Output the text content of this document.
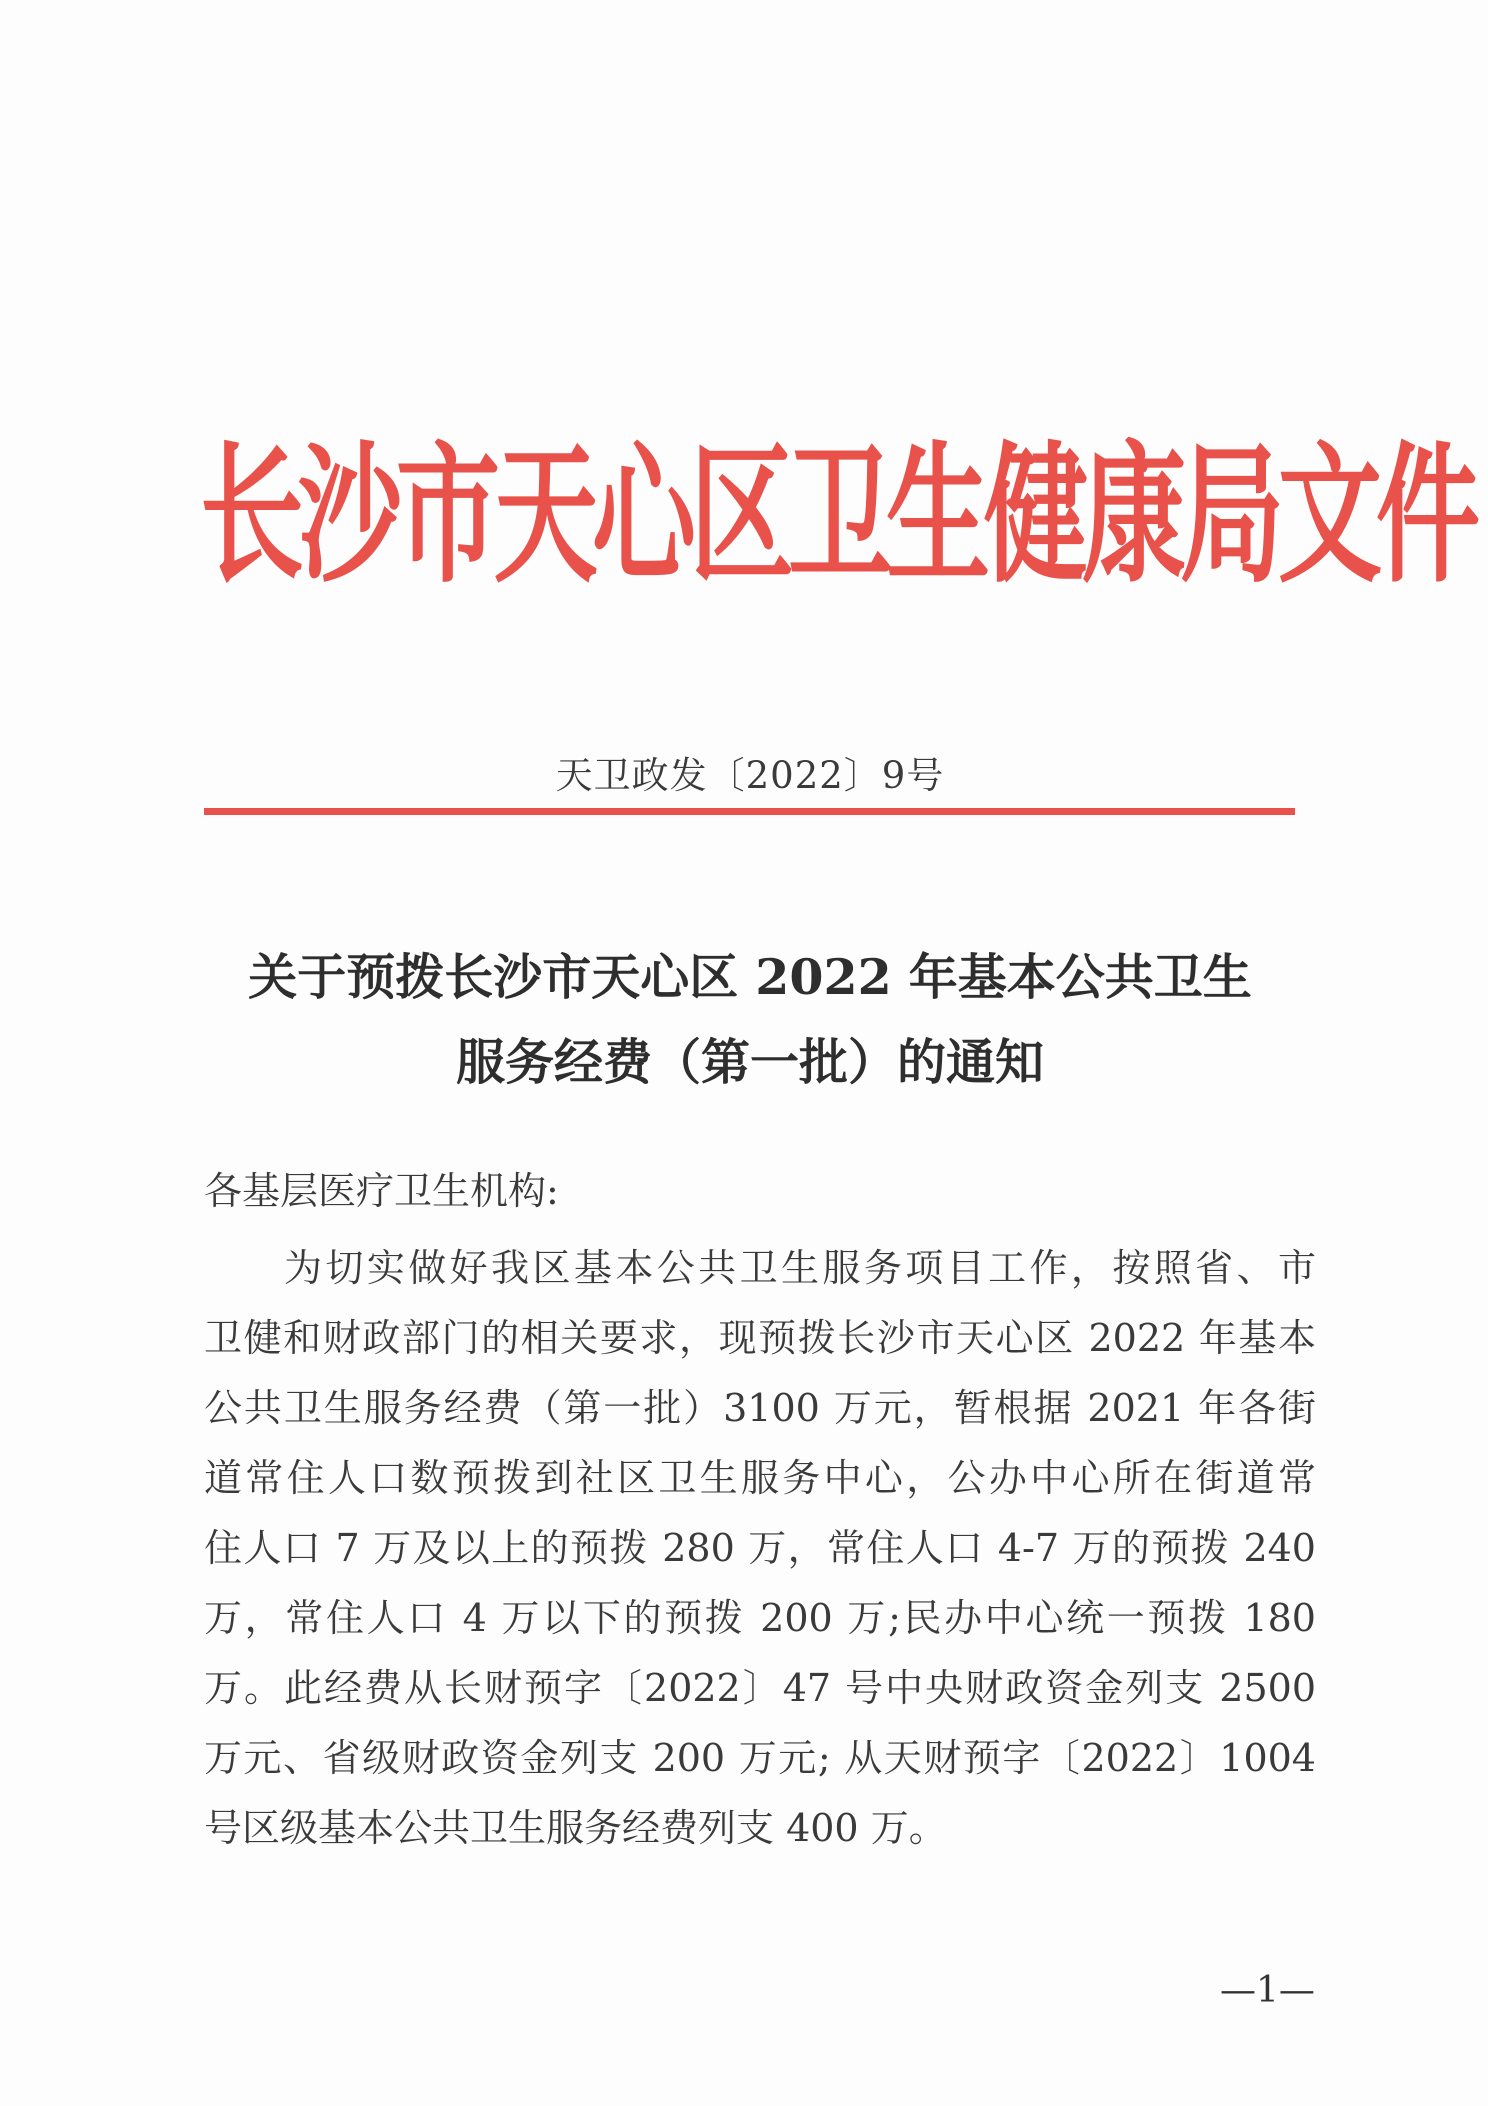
长沙市天心区卫生健康局文件
天卫政发〔2022〕9号
关于预拨长沙市天心区 2022 年基本公共卫生
服务经费（第一批）的通知
各基层医疗卫生机构:
为切实做好我区基本公共卫生服务项目工作，按照省、市
卫健和财政部门的相关要求，现预拨长沙市天心区 2022 年基本
公共卫生服务经费（第一批）3100 万元，暂根据 2021 年各街
道常住人口数预拨到社区卫生服务中心，公办中心所在街道常
住人口 7 万及以上的预拨 280 万，常住人口 4-7 万的预拨 240
万，常住人口 4 万以下的预拨 200 万;民办中心统一预拨 180
万。此经费从长财预字〔2022〕47 号中央财政资金列支 2500
万元、省级财政资金列支 200 万元; 从天财预字〔2022〕1004
号区级基本公共卫生服务经费列支 400 万。
—1—
